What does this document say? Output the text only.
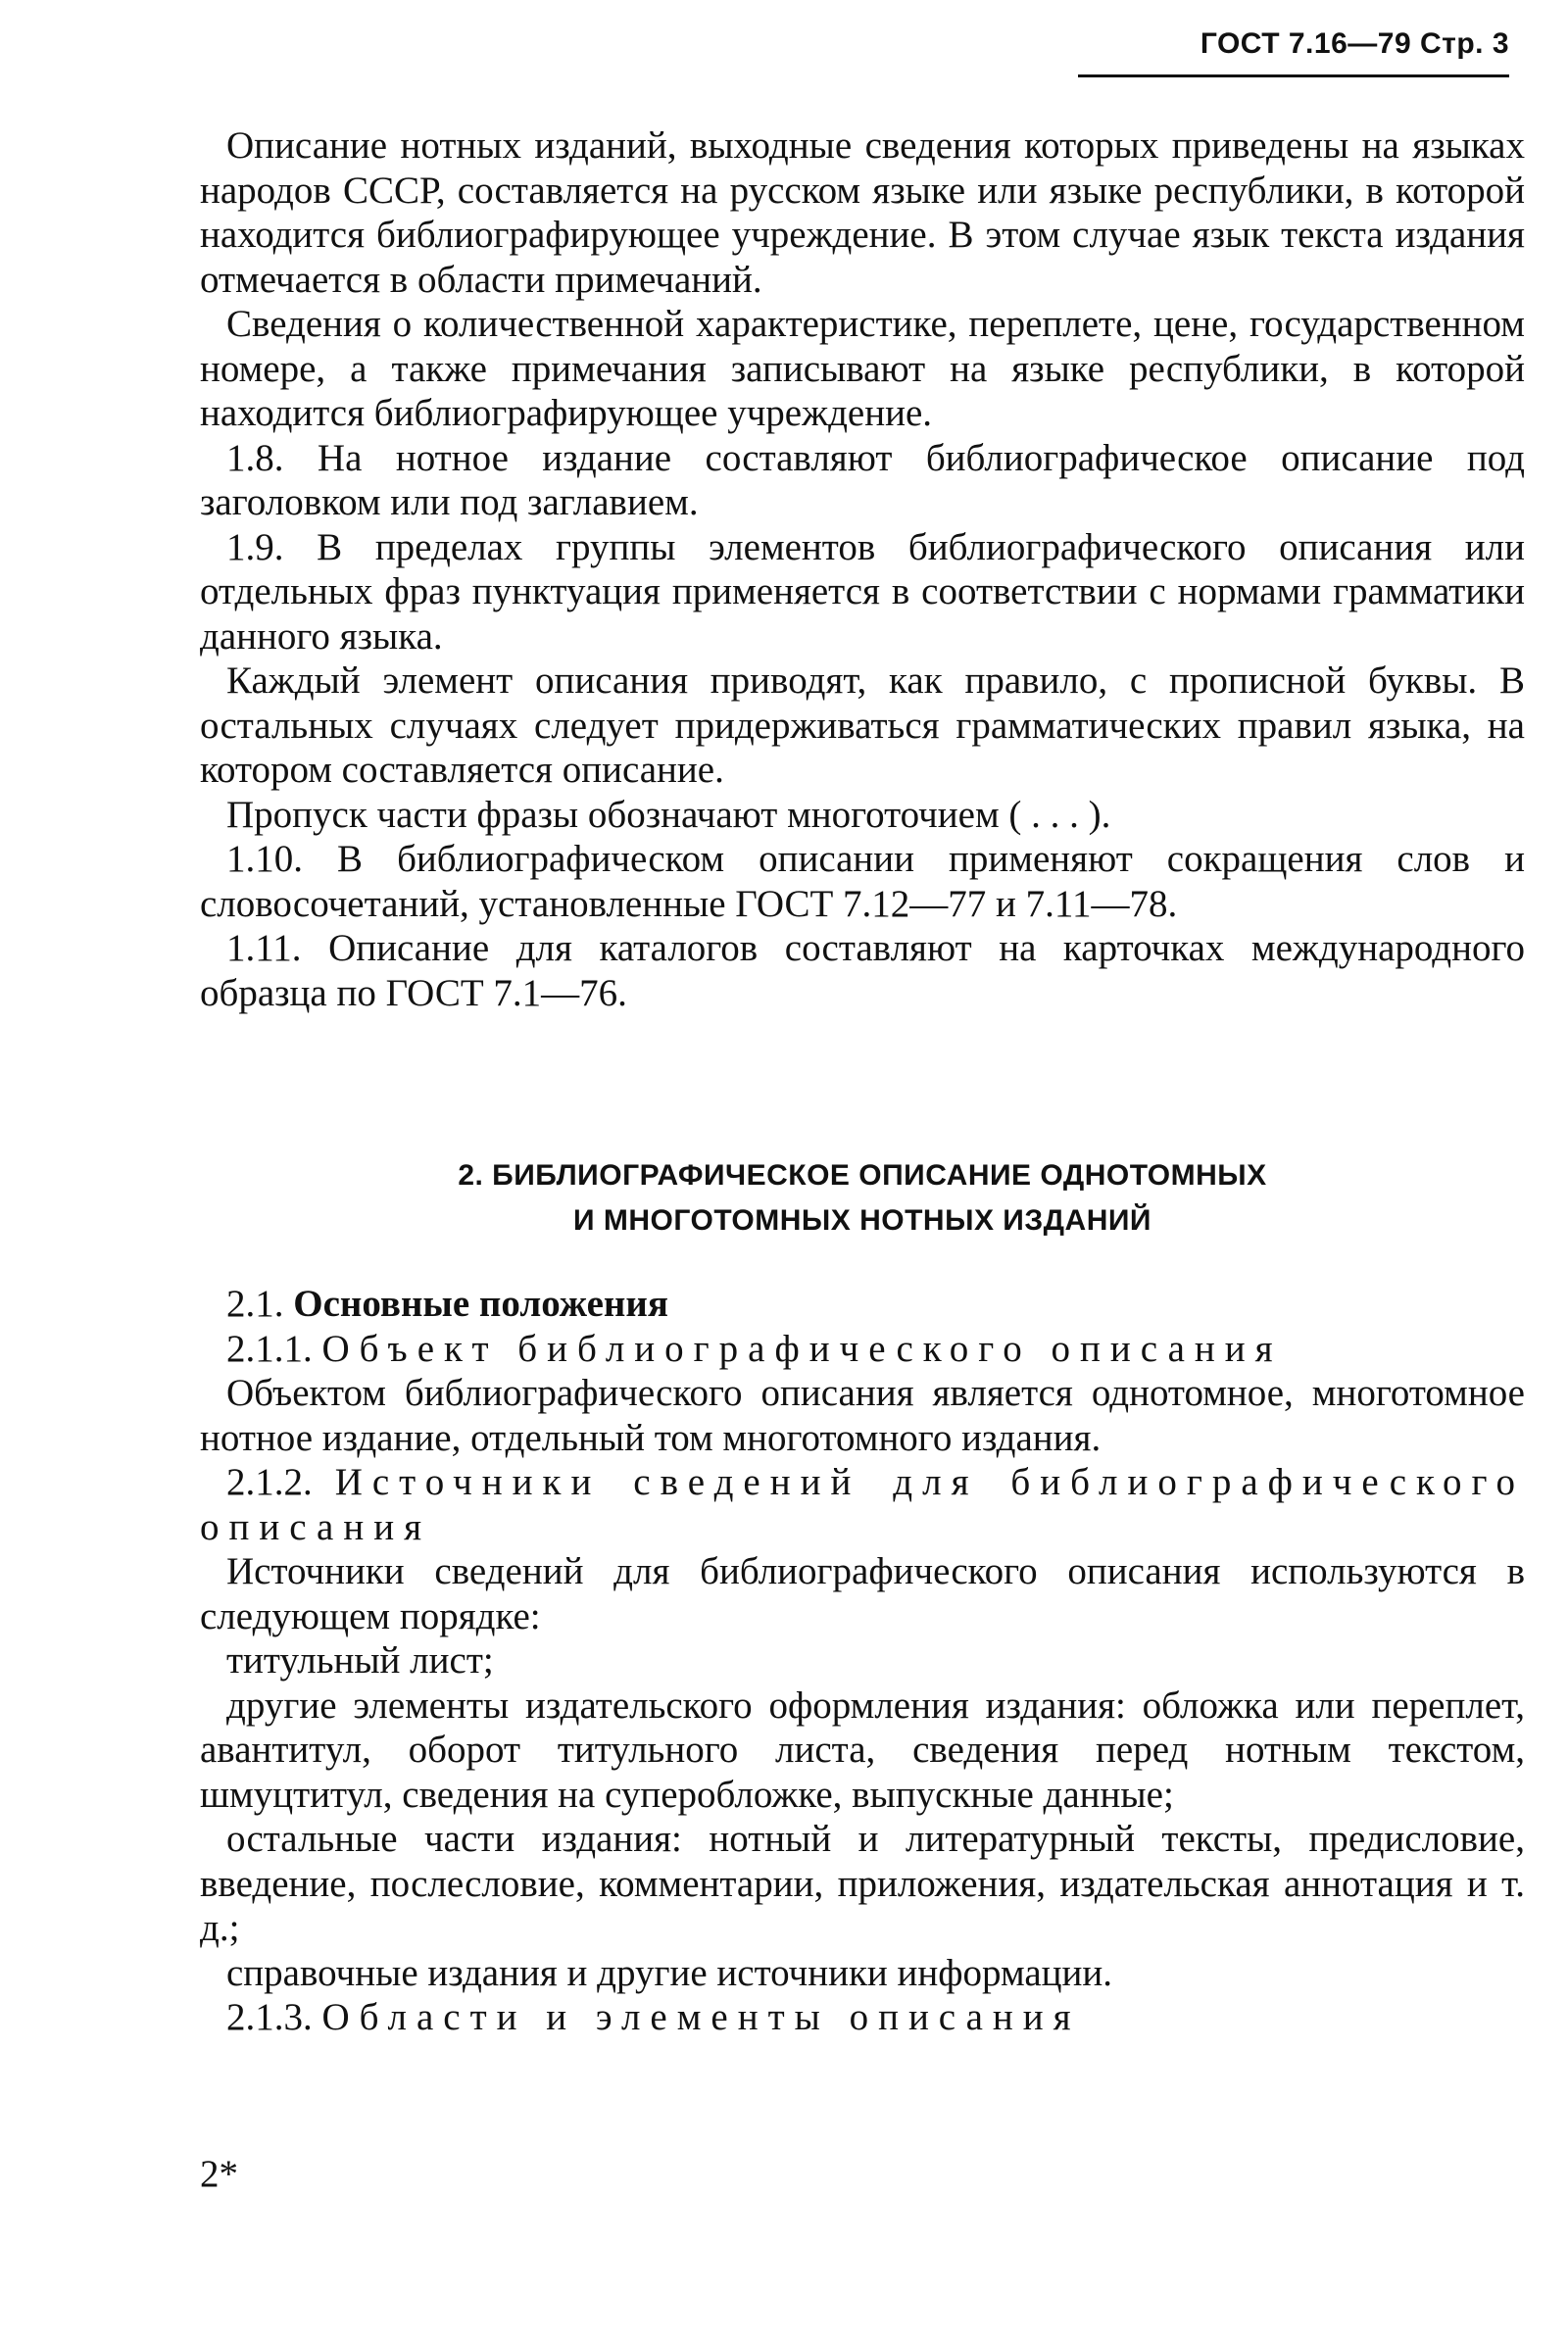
ГОСТ 7.16—79 Стр. 3

Описание нотных изданий, выходные сведения которых приведены на языках народов СССР, составляется на русском языке или языке республики, в которой находится библиографирующее учреждение. В этом случае язык текста издания отмечается в области примечаний.

Сведения о количественной характеристике, переплете, цене, государственном номере, а также примечания записывают на языке республики, в которой находится библиографирующее учреждение.

1.8. На нотное издание составляют библиографическое описание под заголовком или под заглавием.

1.9. В пределах группы элементов библиографического описания или отдельных фраз пунктуация применяется в соответствии с нормами грамматики данного языка.

Каждый элемент описания приводят, как правило, с прописной буквы. В остальных случаях следует придерживаться грамматических правил языка, на котором составляется описание.

Пропуск части фразы обозначают многоточием ( . . . ).

1.10. В библиографическом описании применяют сокращения слов и словосочетаний, установленные ГОСТ 7.12—77 и 7.11—78.

1.11. Описание для каталогов составляют на карточках международного образца по ГОСТ 7.1—76.

2. БИБЛИОГРАФИЧЕСКОЕ ОПИСАНИЕ ОДНОТОМНЫХ
И МНОГОТОМНЫХ НОТНЫХ ИЗДАНИЙ

2.1. Основные положения

2.1.1. Объект библиографического описания

Объектом библиографического описания является однотомное, многотомное нотное издание, отдельный том многотомного издания.

2.1.2. Источники сведений для библиографического описания

Источники сведений для библиографического описания используются в следующем порядке:

титульный лист;

другие элементы издательского оформления издания: обложка или переплет, авантитул, оборот титульного листа, сведения перед нотным текстом, шмуцтитул, сведения на суперобложке, выпускные данные;

остальные части издания: нотный и литературный тексты, предисловие, введение, послесловие, комментарии, приложения, издательская аннотация и т. д.;

справочные издания и другие источники информации.

2.1.3. Области и элементы описания

2*
